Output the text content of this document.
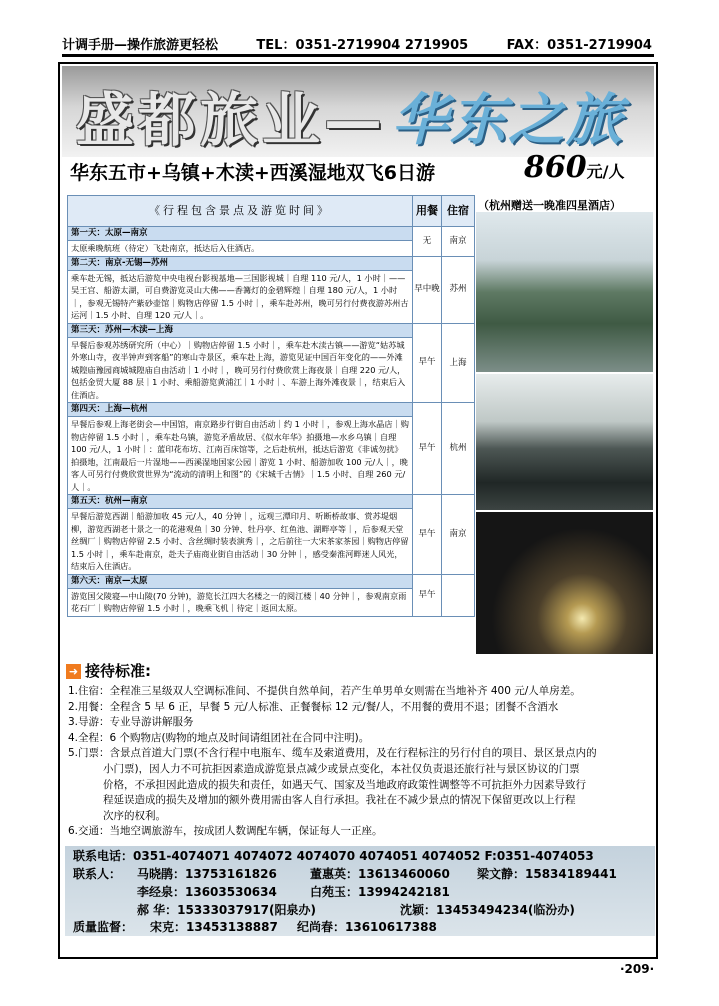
计调手册—操作旅游更轻松	TEL：0351-2719904 2719905	FAX：0351-2719904
盛都旅业— 华东之旅
华东五市+乌镇+木渎+西溪湿地双飞6日游	860元/人
《行程包含景点及游览时间》	用餐	住宿
第一天：太原—南京	无	南京
太原乘晚航班（待定）飞赴南京，抵达后入住酒店。		
第二天：南京-无锡—苏州	早中晚	苏州
乘车赴无锡，抵达后游览中央电视台影视基地—三国影视城｜自理 110 元/人，1 小时｜——吴王宫、船游太湖，可自费游览灵山大佛——香篝灯的金碧辉煌｜自理 180 元/人，1 小时｜，参观无锡特产紫砂壶馆｜购物店停留 1.5 小时｜，乘车赴苏州，晚可另行付费夜游苏州古运河｜1.5 小时、自理 120 元/人｜。		
第三天：苏州—木渎—上海	早午	上海
早餐后参观苏绣研究所（中心）｜购物店停留 1.5 小时｜，乘车赴木渎古镇——游览“姑苏城外寒山寺，夜半钟声到客船”的寒山寺景区，乘车赴上海，游览见证中国百年变化的——外滩 城隍庙豫园商城城隍庙自由活动｜1 小时｜，晚可另行付费欣赏上海夜景｜自理 220 元/人，包括金贸大厦 88 层｜1 小时、乘船游览黄浦江｜1 小时｜、车游上海外滩夜景｜，结束后入住酒店。		
第四天：上海—杭州	早午	杭州
早餐后参观上海老街会—中国馆，南京路步行街自由活动｜约 1 小时｜，参观上海水晶店｜购物店停留 1.5 小时｜，乘车赴乌镇，游览矛盾故居、《似水年华》拍摄地—水乡乌镇｜自理 100 元/人，1 小时｜：蓝印花布坊、江南百床馆等，之后赴杭州，抵达后游览《非诚勿扰》拍摄地，江南最后一片湿地——西溪湿地国家公园｜游览 1 小时、船游加收 100 元/人｜，晚客人可另行付费欣赏世界为“流动的清明上和图”的《宋城千古情》｜1.5 小时、自理 260 元/人｜。		
第五天：杭州—南京	早午	南京
早餐后游览西湖｜船游加收 45 元/人，40 分钟｜，远观三潭印月、听断桥故事、赏苏堤烟柳，游览西湖老十景之一的花港观鱼｜30 分钟、牡丹亭、红鱼池、湖畔亭等｜，后参观天堂丝绸厂｜购物店停留 2.5 小时、含丝绸时装表演秀｜，之后前往一大宋茶家茶园｜购物店停留 1.5 小时｜，乘车赴南京，赴夫子庙商业街自由活动｜30 分钟｜，感受秦淮河畔迷人风光，结束后入住酒店。		
第六天：南京—太原	早午	
游览国父陵寝—中山陵(70 分钟)，游览长江四大名楼之一的阅江楼｜40 分钟｜，参观南京雨花石厂｜购物店停留 1.5 小时｜，晚乘飞机｜待定｜返回太原。		
（杭州赠送一晚准四星酒店）
➜ 接待标准:

1.住宿：全程准三星级双人空调标准间、不提供自然单间，若产生单男单女则需在当地补齐 400 元/人单房差。

2.用餐：全程含 5 早 6 正，早餐 5 元/人标准、正餐餐标 12 元/餐/人，不用餐的费用不退；团餐不含酒水

3.导游：专业导游讲解服务

4.全程：6 个购物店(购物的地点及时间请组团社在合同中注明)。

5.门票：含景点首道大门票(不含行程中电瓶车、缆车及索道费用，及在行程标注的另行付自的项目、景区景点内的

小门票)，因人力不可抗拒因素造成游览景点减少或景点变化，本社仅负责退还旅行社与景区协议的门票

价格，不承担因此造成的损失和责任，如遇天气、国家及当地政府政策性调整等不可抗拒外力因素导致行

程延误造成的损失及增加的额外费用需由客人自行承担。我社在不减少景点的情况下保留更改以上行程

次序的权利。

6.交通：当地空调旅游车，按成团人数调配车辆，保证每人一正座。

联系电话：0351-4074071 4074072 4074070 4074051 4074052 F:0351-4074053
联系人： 马晓鹃：13753161826	董惠英：13613460060 梁文静：15834189441
李经泉：13603530634	白苑玉：13994242181
郝 华：15333037917(阳泉办)	沈颖：13453494234(临汾办)
质量监督： 宋克：13453138887 纪尚春：13610617388
·209·
